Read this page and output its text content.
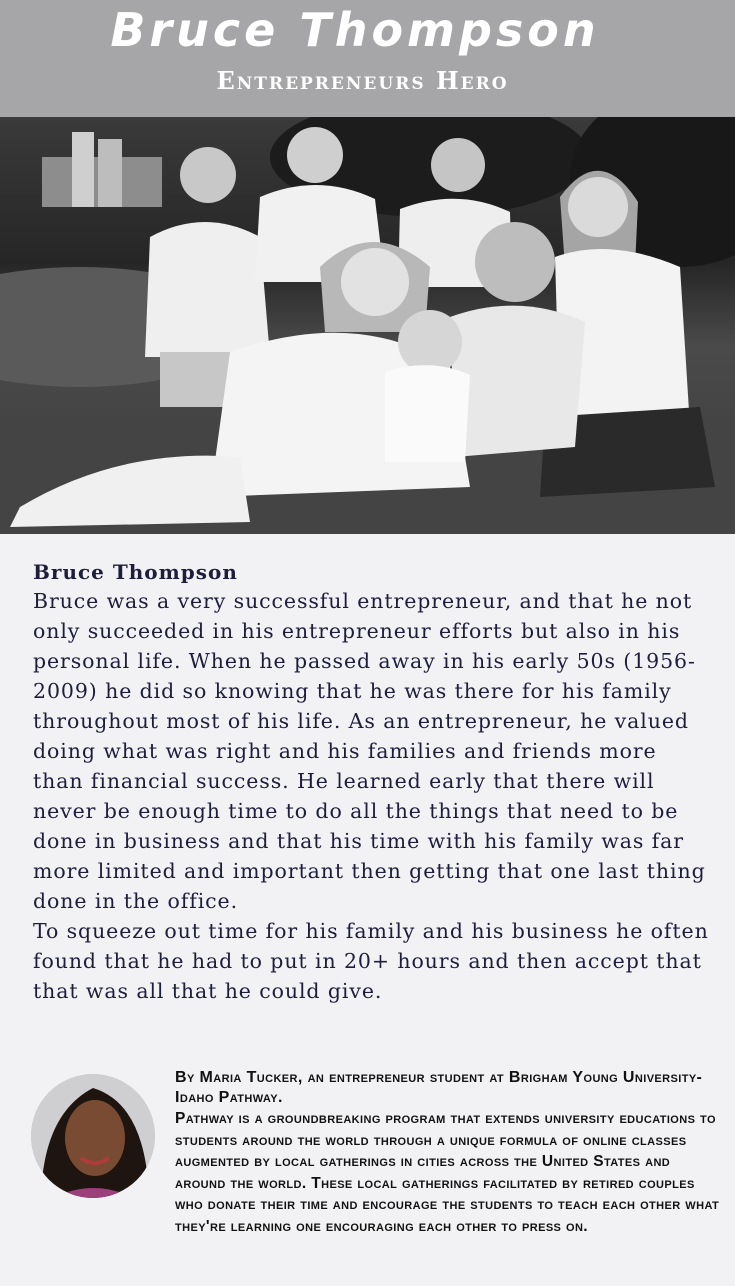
Bruce Thompson
Entrepreneurs Hero

Bruce Thompson

Bruce was a very successful entrepreneur, and that he not only succeeded in his entrepreneur efforts but also in his personal life. When he passed away in his early 50s (1956-2009) he did so knowing that he was there for his family throughout most of his life. As an entrepreneur, he valued doing what was right and his families and friends more than financial success. He learned early that there will never be enough time to do all the things that need to be done in business and that his time with his family was far more limited and important then getting that one last thing done in the office.

To squeeze out time for his family and his business he often found that he had to put in 20+ hours and then accept that that was all that he could give.

By Maria Tucker, an entrepreneur student at Brigham Young University-Idaho Pathway.

Pathway is a groundbreaking program that extends university educations to students around the world through a unique formula of online classes augmented by local gatherings in cities across the United States and around the world. These local gatherings facilitated by retired couples who donate their time and encourage the students to teach each other what they're learning one encouraging each other to press on.
